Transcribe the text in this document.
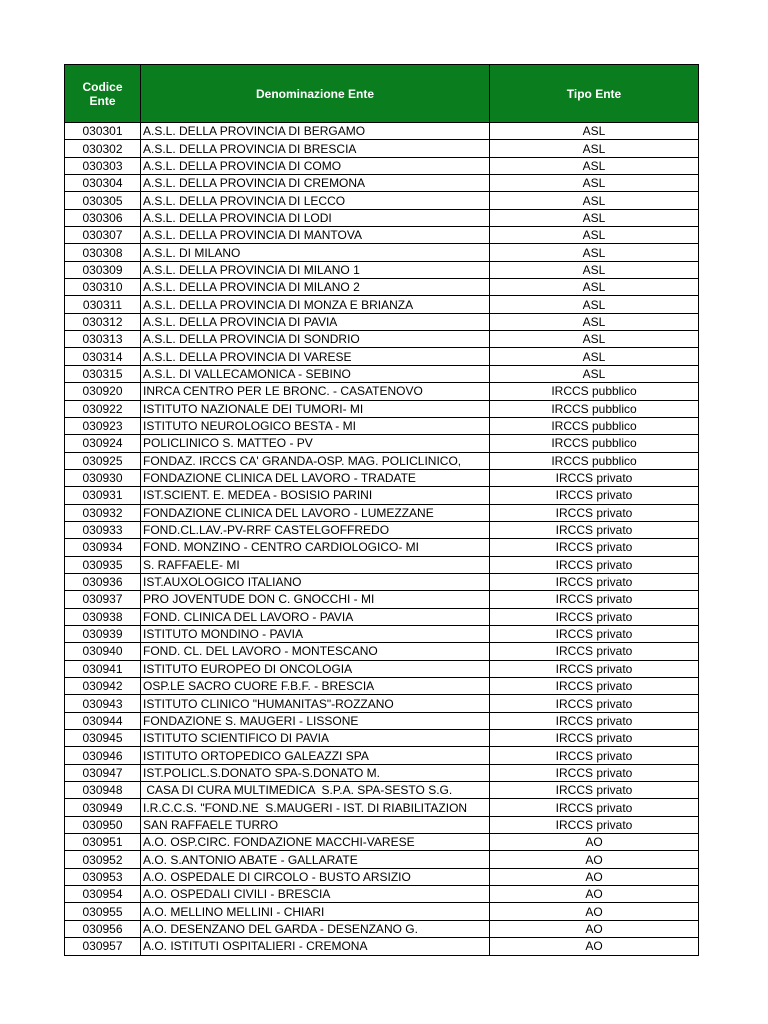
Codice
Ente	Denominazione Ente	Tipo Ente
030301	A.S.L. DELLA PROVINCIA DI BERGAMO	ASL
030302	A.S.L. DELLA PROVINCIA DI BRESCIA	ASL
030303	A.S.L. DELLA PROVINCIA DI COMO	ASL
030304	A.S.L. DELLA PROVINCIA DI CREMONA	ASL
030305	A.S.L. DELLA PROVINCIA DI LECCO	ASL
030306	A.S.L. DELLA PROVINCIA DI LODI	ASL
030307	A.S.L. DELLA PROVINCIA DI MANTOVA	ASL
030308	A.S.L. DI MILANO	ASL
030309	A.S.L. DELLA PROVINCIA DI MILANO 1	ASL
030310	A.S.L. DELLA PROVINCIA DI MILANO 2	ASL
030311	A.S.L. DELLA PROVINCIA DI MONZA E BRIANZA	ASL
030312	A.S.L. DELLA PROVINCIA DI PAVIA	ASL
030313	A.S.L. DELLA PROVINCIA DI SONDRIO	ASL
030314	A.S.L. DELLA PROVINCIA DI VARESE	ASL
030315	A.S.L. DI VALLECAMONICA - SEBINO	ASL
030920	INRCA CENTRO PER LE BRONC. - CASATENOVO	IRCCS pubblico
030922	ISTITUTO NAZIONALE DEI TUMORI- MI	IRCCS pubblico
030923	ISTITUTO NEUROLOGICO BESTA - MI	IRCCS pubblico
030924	POLICLINICO S. MATTEO - PV	IRCCS pubblico
030925	FONDAZ. IRCCS CA' GRANDA-OSP. MAG. POLICLINICO,	IRCCS pubblico
030930	FONDAZIONE CLINICA DEL LAVORO - TRADATE	IRCCS privato
030931	IST.SCIENT. E. MEDEA - BOSISIO PARINI	IRCCS privato
030932	FONDAZIONE CLINICA DEL LAVORO - LUMEZZANE	IRCCS privato
030933	FOND.CL.LAV.-PV-RRF CASTELGOFFREDO	IRCCS privato
030934	FOND. MONZINO - CENTRO CARDIOLOGICO- MI	IRCCS privato
030935	S. RAFFAELE- MI	IRCCS privato
030936	IST.AUXOLOGICO ITALIANO	IRCCS privato
030937	PRO JOVENTUDE DON C. GNOCCHI - MI	IRCCS privato
030938	FOND. CLINICA DEL LAVORO - PAVIA	IRCCS privato
030939	ISTITUTO MONDINO - PAVIA	IRCCS privato
030940	FOND. CL. DEL LAVORO - MONTESCANO	IRCCS privato
030941	ISTITUTO EUROPEO DI ONCOLOGIA	IRCCS privato
030942	OSP.LE SACRO CUORE F.B.F. - BRESCIA	IRCCS privato
030943	ISTITUTO CLINICO "HUMANITAS"-ROZZANO	IRCCS privato
030944	FONDAZIONE S. MAUGERI - LISSONE	IRCCS privato
030945	ISTITUTO SCIENTIFICO DI PAVIA	IRCCS privato
030946	ISTITUTO ORTOPEDICO GALEAZZI SPA	IRCCS privato
030947	IST.POLICL.S.DONATO SPA-S.DONATO M.	IRCCS privato
030948	CASA DI CURA MULTIMEDICA  S.P.A. SPA-SESTO S.G.	IRCCS privato
030949	I.R.C.C.S. "FOND.NE  S.MAUGERI - IST. DI RIABILITAZION	IRCCS privato
030950	SAN RAFFAELE TURRO	IRCCS privato
030951	A.O. OSP.CIRC. FONDAZIONE MACCHI-VARESE	AO
030952	A.O. S.ANTONIO ABATE - GALLARATE	AO
030953	A.O. OSPEDALE DI CIRCOLO - BUSTO ARSIZIO	AO
030954	A.O. OSPEDALI CIVILI - BRESCIA	AO
030955	A.O. MELLINO MELLINI - CHIARI	AO
030956	A.O. DESENZANO DEL GARDA - DESENZANO G.	AO
030957	A.O. ISTITUTI OSPITALIERI - CREMONA	AO
